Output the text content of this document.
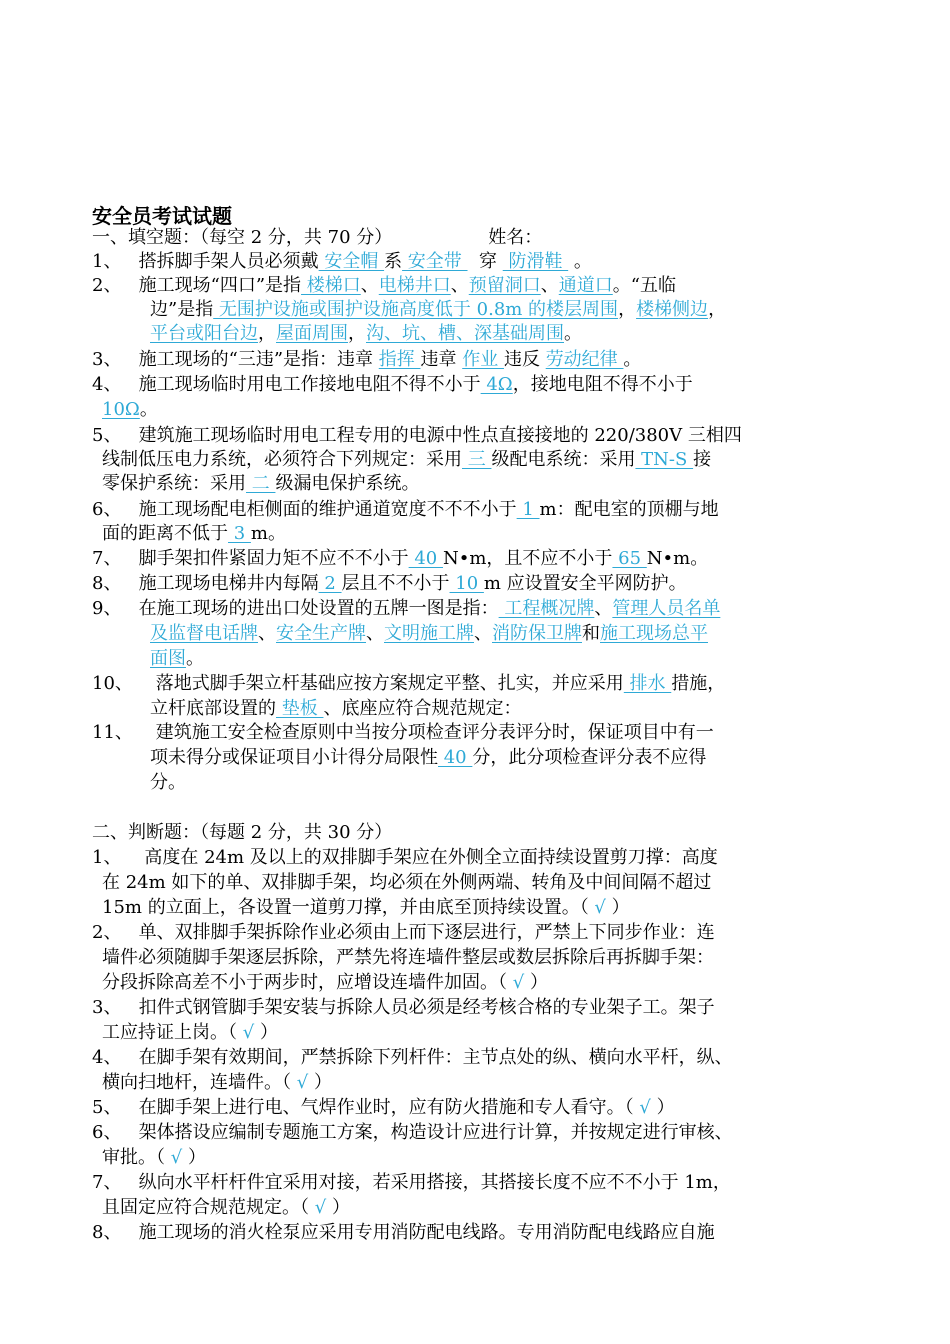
安全员考试试题
一、填空题：（每空 2 分，共 70 分）	姓名：
1、 搭拆脚手架人员必须戴 安全帽 系 安全带   穿  防滑鞋  。
2、 施工现场“四口”是指 楼梯口、电梯井口、预留洞口、通道口。“五临
边”是指 无围护设施或围护设施高度低于 0.8m 的楼层周围，楼梯侧边，
平台或阳台边，屋面周围，沟、坑、槽、深基础周围。
3、 施工现场的“三违”是指：违章 指挥 违章 作业 违反 劳动纪律 。
4、 施工现场临时用电工作接地电阻不得不小于 4Ω，接地电阻不得不小于
10Ω。
5、 建筑施工现场临时用电工程专用的电源中性点直接接地的 220/380V 三相四
线制低压电力系统，必须符合下列规定：采用 三 级配电系统：采用 TN-S 接
零保护系统：采用 二 级漏电保护系统。
6、 施工现场配电柜侧面的维护通道宽度不不不小于 1 m：配电室的顶棚与地
面的距离不低于 3 m。
7、 脚手架扣件紧固力矩不应不不小于 40 N•m，且不应不小于 65 N•m。
8、 施工现场电梯井内每隔 2 层且不不小于 10 m 应设置安全平网防护。
9、 在施工现场的进出口处设置的五牌一图是指： 工程概况牌、管理人员名单
及监督电话牌、安全生产牌、文明施工牌、消防保卫牌和施工现场总平
面图。
10、 落地式脚手架立杆基础应按方案规定平整、扎实，并应采用 排水 措施，
立杆底部设置的 垫板 、底座应符合规范规定：
11、 建筑施工安全检查原则中当按分项检查评分表评分时，保证项目中有一
项未得分或保证项目小计得分局限性 40 分，此分项检查评分表不应得
分。
二、判断题：（每题 2 分，共 30 分）
1、    高度在 24m 及以上的双排脚手架应在外侧全立面持续设置剪刀撑：高度
在 24m 如下的单、双排脚手架，均必须在外侧两端、转角及中间间隔不超过
15m 的立面上，各设置一道剪刀撑，并由底至顶持续设置。（ √ ）
2、 单、双排脚手架拆除作业必须由上而下逐层进行，严禁上下同步作业：连
墙件必须随脚手架逐层拆除，严禁先将连墙件整层或数层拆除后再拆脚手架：
分段拆除高差不小于两步时，应增设连墙件加固。（ √ ）
3、 扣件式钢管脚手架安装与拆除人员必须是经考核合格的专业架子工。架子
工应持证上岗。（ √ ）
4、 在脚手架有效期间，严禁拆除下列杆件：主节点处的纵、横向水平杆，纵、
横向扫地杆，连墙件。（ √ ）
5、 在脚手架上进行电、气焊作业时，应有防火措施和专人看守。（ √ ）
6、 架体搭设应编制专题施工方案，构造设计应进行计算，并按规定进行审核、
审批。（ √ ）
7、 纵向水平杆杆件宜采用对接，若采用搭接，其搭接长度不应不不小于 1m，
且固定应符合规范规定。（ √ ）
8、 施工现场的消火栓泵应采用专用消防配电线路。专用消防配电线路应自施
